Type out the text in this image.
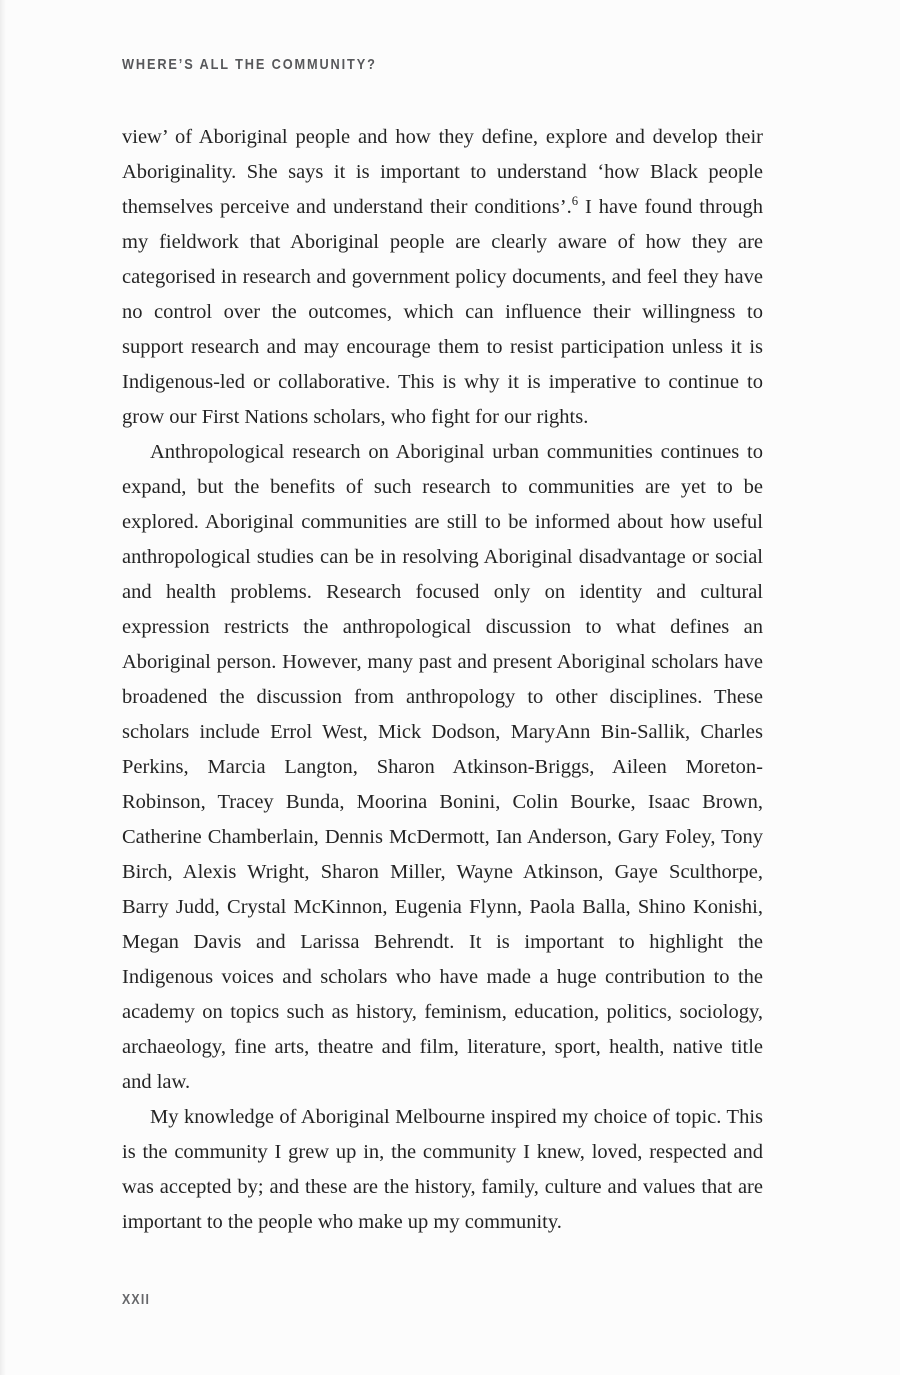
WHERE’S ALL THE COMMUNITY?

view’ of Aboriginal people and how they define, explore and develop their Aboriginality. She says it is important to understand ‘how Black people themselves perceive and understand their conditions’.$^6$ I have found through my fieldwork that Aboriginal people are clearly aware of how they are categorised in research and government policy documents, and feel they have no control over the outcomes, which can influence their willingness to support research and may encourage them to resist participation unless it is Indigenous-led or collaborative. This is why it is imperative to continue to grow our First Nations scholars, who fight for our rights.

Anthropological research on Aboriginal urban communities continues to expand, but the benefits of such research to communities are yet to be explored. Aboriginal communities are still to be informed about how useful anthropological studies can be in resolving Aboriginal disadvantage or social and health problems. Research focused only on identity and cultural expression restricts the anthropological discussion to what defines an Aboriginal person. However, many past and present Aboriginal scholars have broadened the discussion from anthropology to other disciplines. These scholars include Errol West, Mick Dodson, MaryAnn Bin-Sallik, Charles Perkins, Marcia Langton, Sharon Atkinson-Briggs, Aileen Moreton-Robinson, Tracey Bunda, Moorina Bonini, Colin Bourke, Isaac Brown, Catherine Chamberlain, Dennis McDermott, Ian Anderson, Gary Foley, Tony Birch, Alexis Wright, Sharon Miller, Wayne Atkinson, Gaye Sculthorpe, Barry Judd, Crystal McKinnon, Eugenia Flynn, Paola Balla, Shino Konishi, Megan Davis and Larissa Behrendt. It is important to highlight the Indigenous voices and scholars who have made a huge contribution to the academy on topics such as history, feminism, education, politics, sociology, archaeology, fine arts, theatre and film, literature, sport, health, native title and law.

My knowledge of Aboriginal Melbourne inspired my choice of topic. This is the community I grew up in, the community I knew, loved, respected and was accepted by; and these are the history, family, culture and values that are important to the people who make up my community.

XXII
